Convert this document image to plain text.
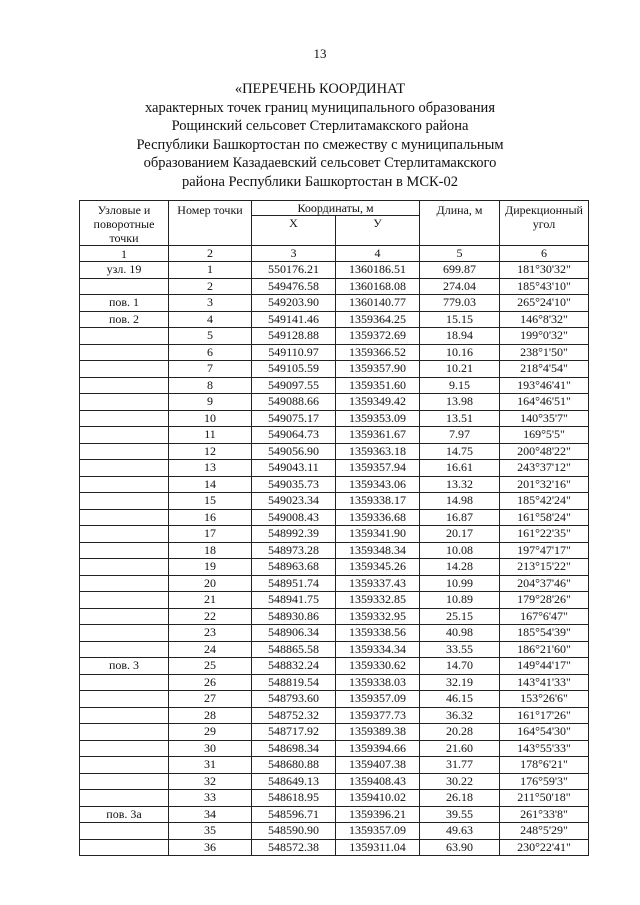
13
«ПЕРЕЧЕНЬ КООРДИНАТ
характерных точек границ муниципального образования
Рощинский сельсовет Стерлитамакского района
Республики Башкортостан по смежеству с муниципальным
образованием Казадаевский сельсовет Стерлитамакского
района Республики Башкортостан в МСК-02
Узловые и поворотные точки	Номер точки	Координаты, м		Длина, м	Дирекционный угол
		X	У		
1	2	3	4	5	6
узл. 19	1	550176.21	1360186.51	699.87	181°30'32"
	2	549476.58	1360168.08	274.04	185°43'10"
пов. 1	3	549203.90	1360140.77	779.03	265°24'10"
пов. 2	4	549141.46	1359364.25	15.15	146°8'32"
	5	549128.88	1359372.69	18.94	199°0'32"
	6	549110.97	1359366.52	10.16	238°1'50"
	7	549105.59	1359357.90	10.21	218°4'54"
	8	549097.55	1359351.60	9.15	193°46'41"
	9	549088.66	1359349.42	13.98	164°46'51"
	10	549075.17	1359353.09	13.51	140°35'7"
	11	549064.73	1359361.67	7.97	169°5'5"
	12	549056.90	1359363.18	14.75	200°48'22"
	13	549043.11	1359357.94	16.61	243°37'12"
	14	549035.73	1359343.06	13.32	201°32'16"
	15	549023.34	1359338.17	14.98	185°42'24"
	16	549008.43	1359336.68	16.87	161°58'24"
	17	548992.39	1359341.90	20.17	161°22'35"
	18	548973.28	1359348.34	10.08	197°47'17"
	19	548963.68	1359345.26	14.28	213°15'22"
	20	548951.74	1359337.43	10.99	204°37'46"
	21	548941.75	1359332.85	10.89	179°28'26"
	22	548930.86	1359332.95	25.15	167°6'47"
	23	548906.34	1359338.56	40.98	185°54'39"
	24	548865.58	1359334.34	33.55	186°21'60"
пов. 3	25	548832.24	1359330.62	14.70	149°44'17"
	26	548819.54	1359338.03	32.19	143°41'33"
	27	548793.60	1359357.09	46.15	153°26'6"
	28	548752.32	1359377.73	36.32	161°17'26"
	29	548717.92	1359389.38	20.28	164°54'30"
	30	548698.34	1359394.66	21.60	143°55'33"
	31	548680.88	1359407.38	31.77	178°6'21"
	32	548649.13	1359408.43	30.22	176°59'3"
	33	548618.95	1359410.02	26.18	211°50'18"
пов. 3а	34	548596.71	1359396.21	39.55	261°33'8"
	35	548590.90	1359357.09	49.63	248°5'29"
	36	548572.38	1359311.04	63.90	230°22'41"
